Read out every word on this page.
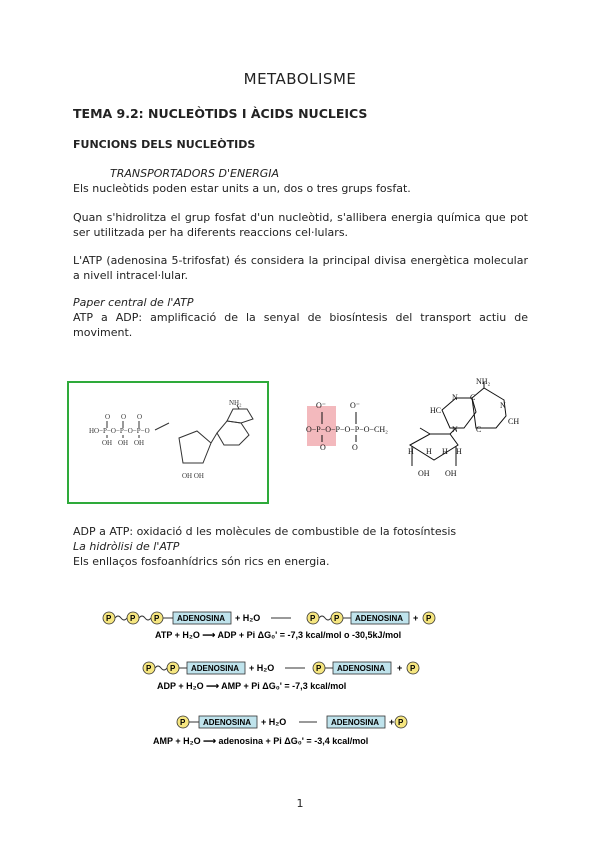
METABOLISME
TEMA 9.2: NUCLEÒTIDS I ÀCIDS NUCLEICS
FUNCIONS DELS NUCLEÒTIDS
TRANSPORTADORS D'ENERGIA
Els nucleòtids poden estar units a un, dos o tres grups fosfat.
Quan s'hidrolitza el grup fosfat d'un nucleòtid, s'allibera energia química que pot ser utilitzada per ha diferents reaccions cel·lulars.
L'ATP (adenosina 5-trifosfat) és considera la principal divisa energètica molecular a nivell intracel·lular.
Paper central de l'ATP
ATP a ADP: amplificació de la senyal de biosíntesis del transport actiu de moviment.
HO−P−O−P−O−P−O
O O O
OH OH OH
NH₂
OH OH
O⁻	O⁻
O−P−O−P−O−P−O−CH₂
O	O
NH₂
HC
N C
N
CH
N C
H H H H
OH OH
ADP a ATP: oxidació d les molècules de combustible de la fotosíntesis
La hidròlisi de l'ATP
Els enllaços fosfoanhídrics són rics en energia.
P P P ADENOSINA + H₂O	P P ADENOSINA + P
ATP + H₂O ⟶ ADP + Pi ΔG₀' = -7,3 kcal/mol o -30,5kJ/mol
P P ADENOSINA + H₂O	P ADENOSINA + P
ADP + H₂O ⟶ AMP + Pi ΔG₀' = -7,3 kcal/mol
P ADENOSINA + H₂O	ADENOSINA + P
AMP + H₂O ⟶ adenosina + Pi ΔG₀' = -3,4 kcal/mol
1
